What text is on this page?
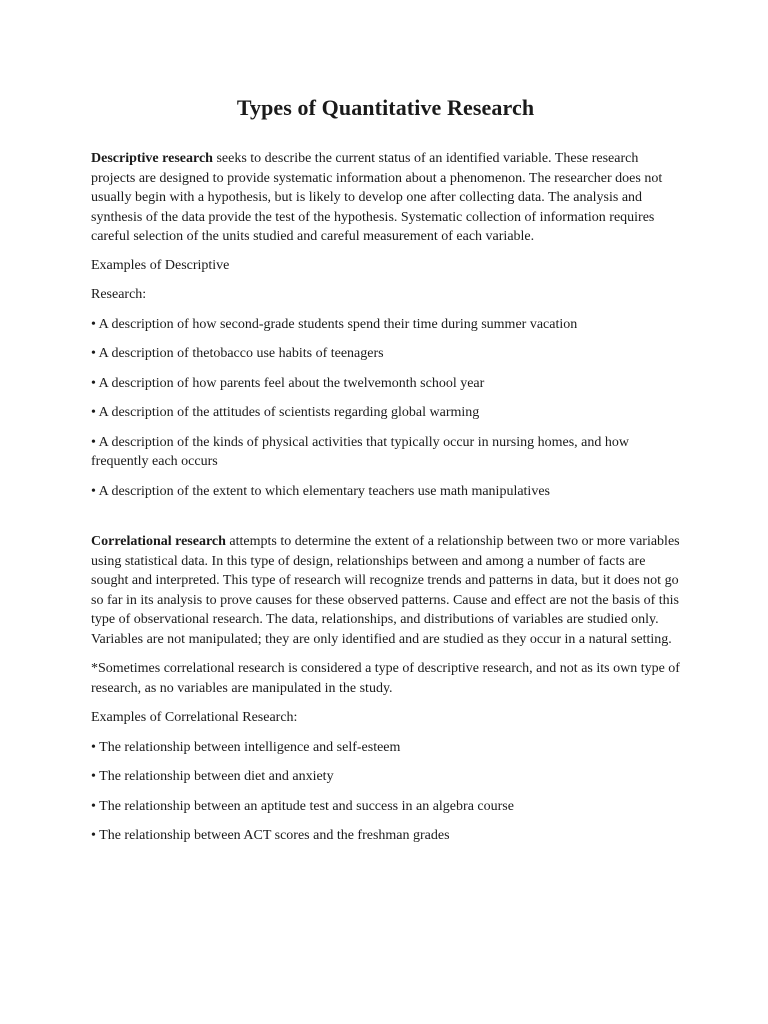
Types of Quantitative Research

Descriptive research seeks to describe the current status of an identified variable. These research projects are designed to provide systematic information about a phenomenon. The researcher does not usually begin with a hypothesis, but is likely to develop one after collecting data. The analysis and synthesis of the data provide the test of the hypothesis. Systematic collection of information requires careful selection of the units studied and careful measurement of each variable.

Examples of Descriptive

Research:

• A description of how second-grade students spend their time during summer vacation

• A description of thetobacco use habits of teenagers

• A description of how parents feel about the twelvemonth school year

• A description of the attitudes of scientists regarding global warming

• A description of the kinds of physical activities that typically occur in nursing homes, and how frequently each occurs

• A description of the extent to which elementary teachers use math manipulatives

Correlational research attempts to determine the extent of a relationship between two or more variables using statistical data. In this type of design, relationships between and among a number of facts are sought and interpreted. This type of research will recognize trends and patterns in data, but it does not go so far in its analysis to prove causes for these observed patterns. Cause and effect are not the basis of this type of observational research. The data, relationships, and distributions of variables are studied only. Variables are not manipulated; they are only identified and are studied as they occur in a natural setting.

*Sometimes correlational research is considered a type of descriptive research, and not as its own type of research, as no variables are manipulated in the study.

Examples of Correlational Research:

• The relationship between intelligence and self-esteem

• The relationship between diet and anxiety

• The relationship between an aptitude test and success in an algebra course

• The relationship between ACT scores and the freshman grades
